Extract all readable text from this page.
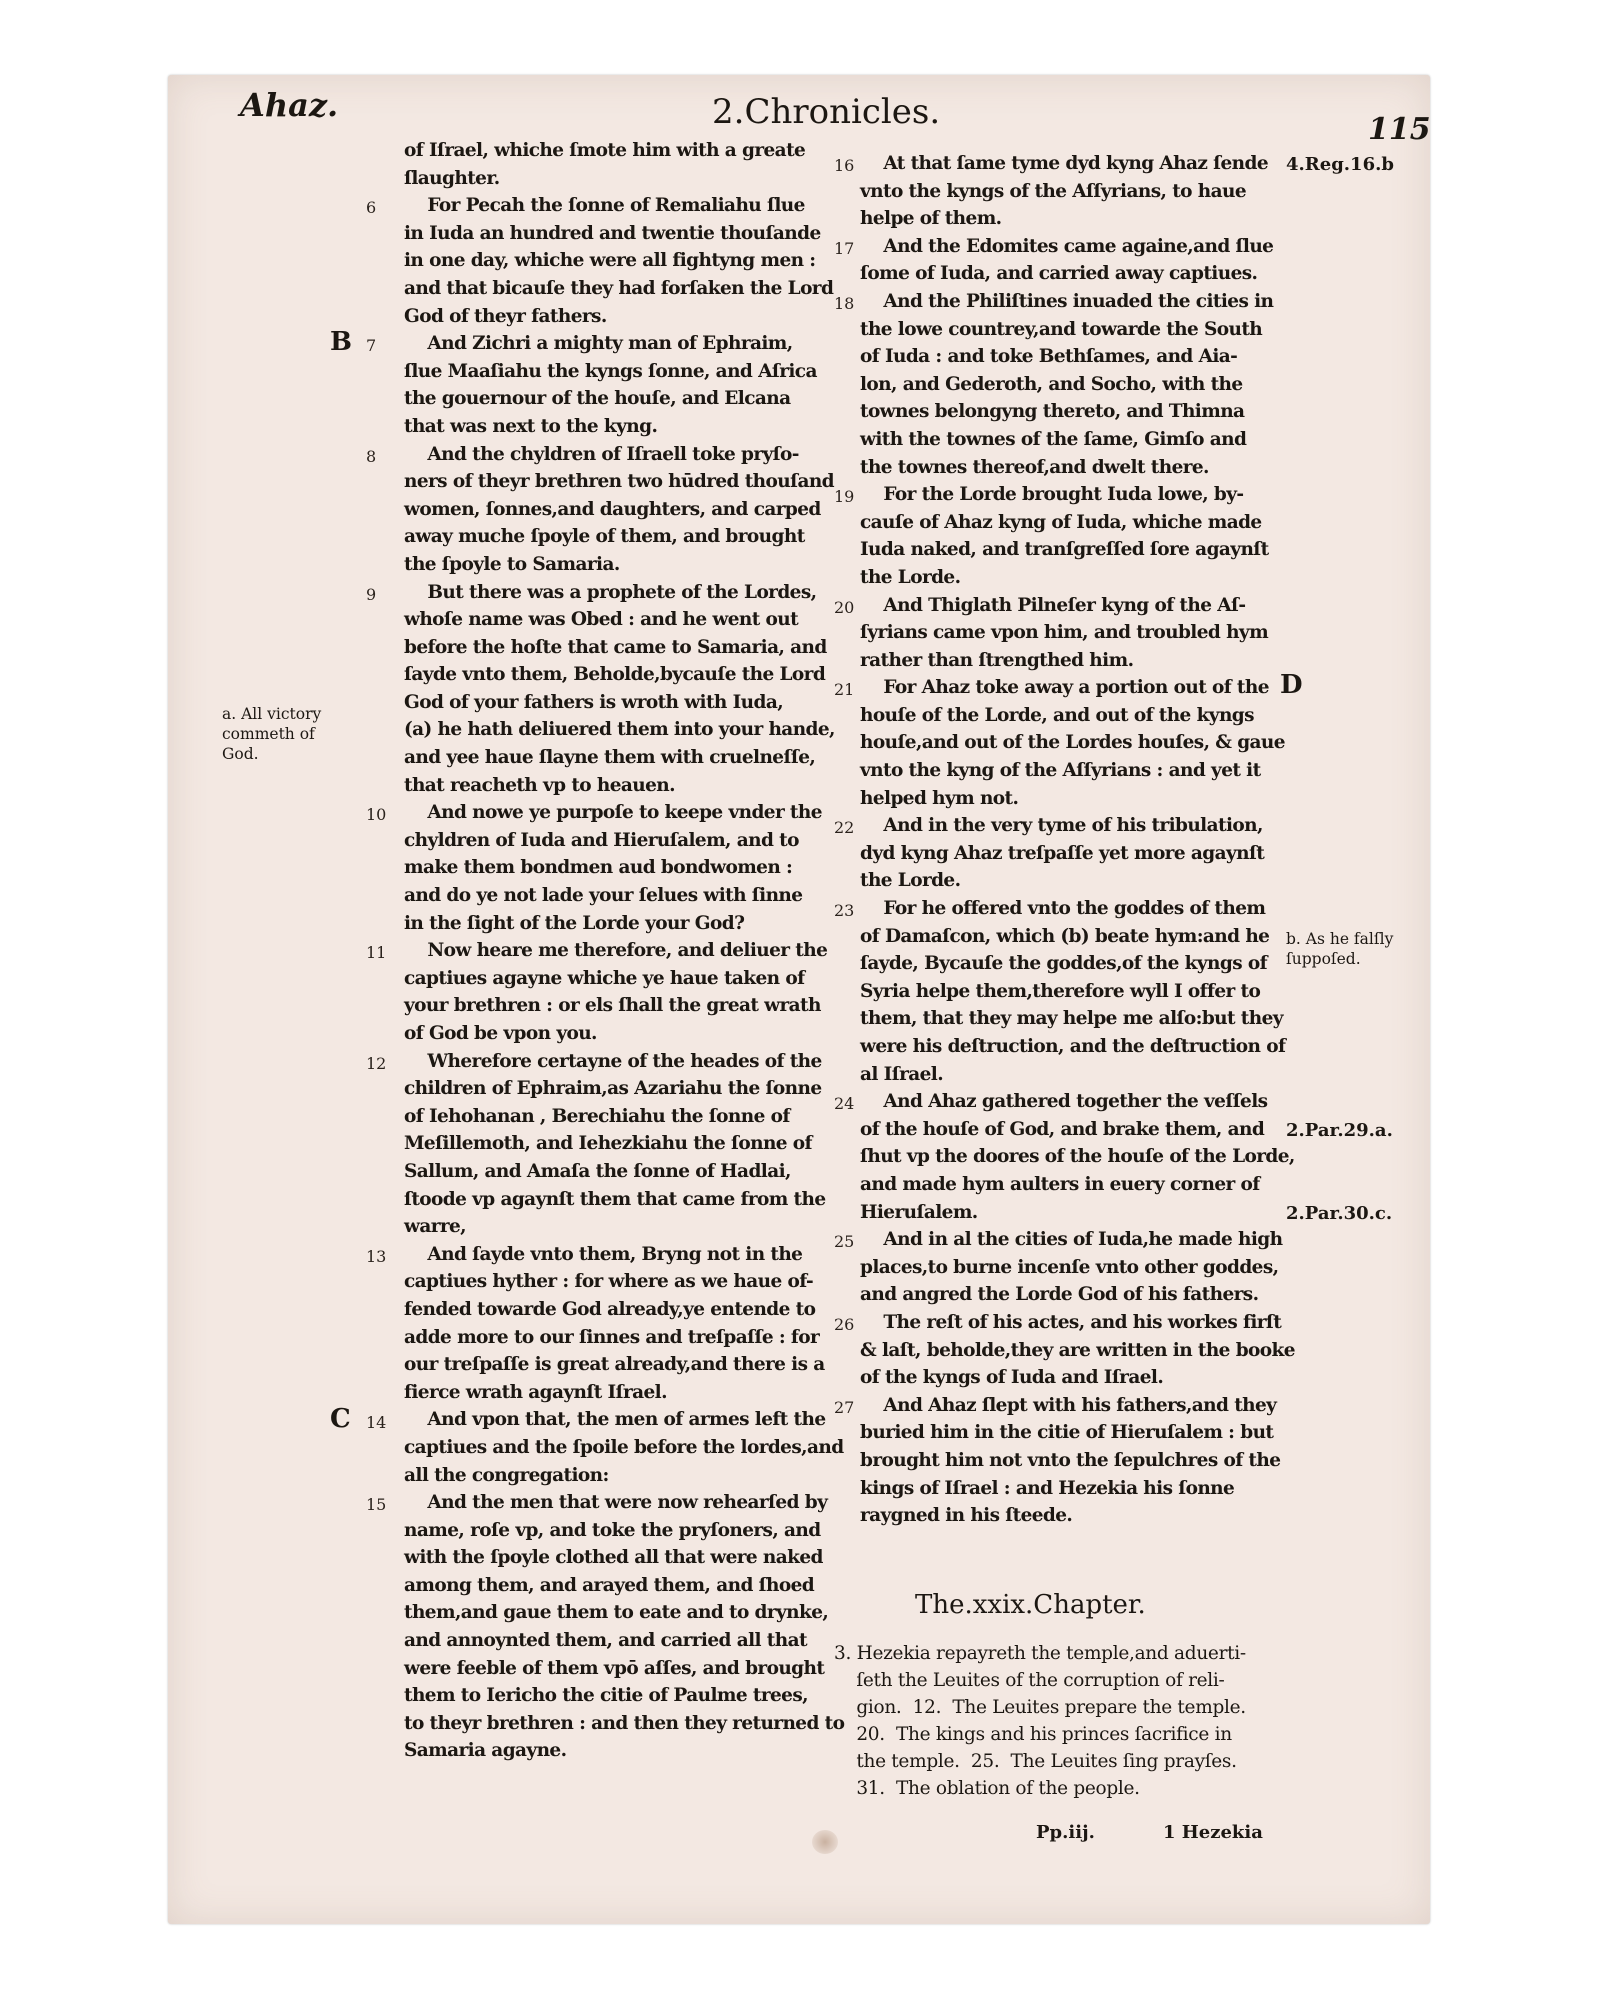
Ahaz.	2.Chronicles.	115
of Iſrael, whiche ſmote him with a greate
ſlaughter.
For Pecah the ſonne of Remaliahu ſlue
in Iuda an hundred and twentie thouſande
in one day, whiche were all fightyng men :
and that bicauſe they had forſaken the Lord
God of theyr fathers.
And Zichri a mighty man of Ephraim,
ſlue Maaſiahu the kyngs ſonne, and Aſrica
the gouernour of the houſe, and Elcana
that was next to the kyng.
And the chyldren of Iſraell toke pryſo-
ners of theyr brethren two hūdred thouſand
women, ſonnes,and daughters, and carped
away muche ſpoyle of them, and brought
the ſpoyle to Samaria.
But there was a prophete of the Lordes,
whoſe name was Obed : and he went out
before the hoſte that came to Samaria, and
ſayde vnto them, Beholde,bycauſe the Lord
God of your fathers is wroth with Iuda,
(a) he hath deliuered them into your hande,
and yee haue ſlayne them with cruelneſſe,
that reacheth vp to heauen.
And nowe ye purpoſe to keepe vnder the
chyldren of Iuda and Hieruſalem, and to
make them bondmen aud bondwomen :
and do ye not lade your ſelues with ſinne
in the ſight of the Lorde your God?
Now heare me therefore, and deliuer the
captiues agayne whiche ye haue taken of
your brethren : or els ſhall the great wrath
of God be vpon you.
Wherefore certayne of the heades of the
children of Ephraim,as Azariahu the ſonne
of Iehohanan , Berechiahu the ſonne of
Meſillemoth, and Iehezkiahu the ſonne of
Sallum, and Amaſa the ſonne of Hadlai,
ſtoode vp agaynſt them that came from the
warre,
And ſayde vnto them, Bryng not in the
captiues hyther : for where as we haue of-
fended towarde God already,ye entende to
adde more to our ſinnes and treſpaſſe : for
our treſpaſſe is great already,and there is a
fierce wrath agaynſt Iſrael.
And vpon that, the men of armes left the
captiues and the ſpoile before the lordes,and
all the congregation:
And the men that were now rehearſed by
name, roſe vp, and toke the pryſoners, and
with the ſpoyle clothed all that were naked
among them, and arayed them, and ſhoed
them,and gaue them to eate and to drynke,
and annoynted them, and carried all that
were feeble of them vpō aſſes, and brought
them to Iericho the citie of Paulme trees,
to theyr brethren : and then they returned to
Samaria agayne.
At that ſame tyme dyd kyng Ahaz ſende
vnto the kyngs of the Aſſyrians, to haue
helpe of them.
And the Edomites came againe,and ſlue
ſome of Iuda, and carried away captiues.
And the Philiſtines inuaded the cities in
the lowe countrey,and towarde the South
of Iuda : and toke Bethſames, and Aia-
lon, and Gederoth, and Socho, with the
townes belongyng thereto, and Thimna
with the townes of the ſame, Gimſo and
the townes thereof,and dwelt there.
For the Lorde brought Iuda lowe, by-
cauſe of Ahaz kyng of Iuda, whiche made
Iuda naked, and tranſgreſſed ſore agaynſt
the Lorde.
And Thiglath Pilneſer kyng of the Aſ-
ſyrians came vpon him, and troubled hym
rather than ſtrengthed him.
For Ahaz toke away a portion out of the
houſe of the Lorde, and out of the kyngs
houſe,and out of the Lordes houſes, & gaue
vnto the kyng of the Aſſyrians : and yet it
helped hym not.
And in the very tyme of his tribulation,
dyd kyng Ahaz treſpaſſe yet more agaynſt
the Lorde.
For he offered vnto the goddes of them
of Damaſcon, which (b) beate hym:and he
ſayde, Bycauſe the goddes,of the kyngs of
Syria helpe them,therefore wyll I offer to
them, that they may helpe me alſo:but they
were his deſtruction, and the deſtruction of
al Iſrael.
And Ahaz gathered together the veſſels
of the houſe of God, and brake them, and
ſhut vp the doores of the houſe of the Lorde,
and made hym aulters in euery corner of
Hieruſalem.
And in al the cities of Iuda,he made high
places,to burne incenſe vnto other goddes,
and angred the Lorde God of his fathers.
The reſt of his actes, and his workes firſt
& laſt, beholde,they are written in the booke
of the kyngs of Iuda and Iſrael.
And Ahaz ſlept with his fathers,and they
buried him in the citie of Hieruſalem : but
brought him not vnto the ſepulchres of the
kings of Iſrael : and Hezekia his ſonne
raygned in his ſteede.
6
7
8
9
10
11
12
13
14
15
B
C
16
17
18
19
20
21
22
23
24
25
26
27
D
4.Reg.16.b
b. As he falſly
ſuppoſed.
2.Par.29.a.
2.Par.30.c.
a. All victory
commeth of
God.
The.xxix.Chapter.
3. Hezekia repayreth the temple,and aduerti-
ſeth the Leuites of the corruption of reli-
gion.  12.  The Leuites prepare the temple.
20.  The kings and his princes ſacrifice in
the temple.  25.  The Leuites ſing prayſes.
31.  The oblation of the people.
Pp.iij.	1 Hezekia
